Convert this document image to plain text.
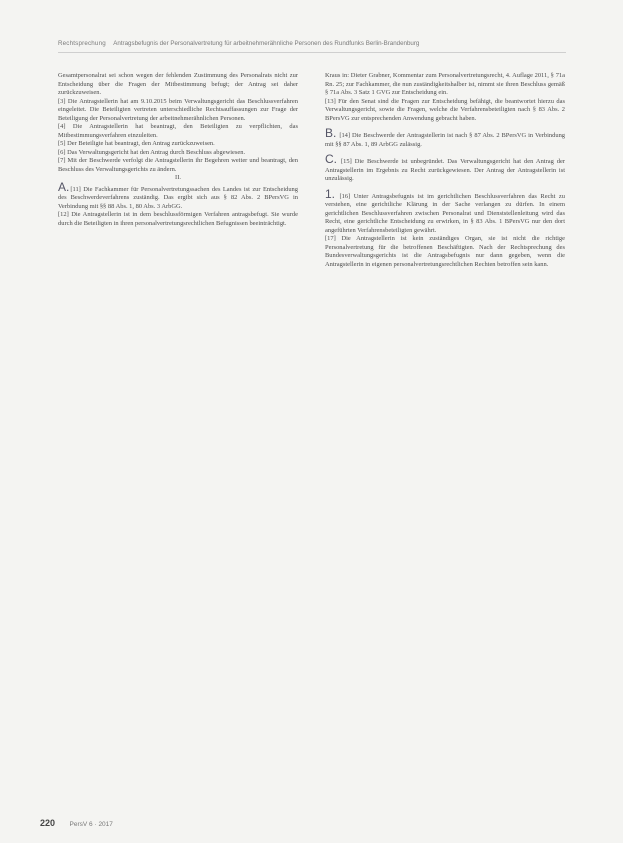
Rechtsprechung Antragsbefugnis der Personalvertretung für arbeitnehmerähnliche Personen des Rundfunks Berlin-Brandenburg

Gesamtpersonalrat sei schon wegen der fehlenden Zustimmung des Personalrats nicht zur Entscheidung über die Fragen der Mitbestimmung befugt; der Antrag sei daher zurückzuweisen.

[3] Die Antragstellerin hat am 9.10.2015 beim Verwaltungsgericht das Beschlussverfahren eingeleitet. Die Beteiligten vertreten unterschiedliche Rechtsauffassungen zur Frage der Beteiligung der Personalvertretung der arbeitnehmerähnlichen Personen.

[4] Die Antragstellerin hat beantragt, den Beteiligten zu verpflichten, das Mitbestimmungsverfahren einzuleiten.

[5] Der Beteiligte hat beantragt, den Antrag zurückzuweisen.

[6] Das Verwaltungsgericht hat den Antrag durch Beschluss abgewiesen.

[7] Mit der Beschwerde verfolgt die Antragstellerin ihr Begehren weiter und beantragt, den Beschluss des Verwaltungsgerichts zu ändern.

II.

A.[11] Die Fachkammer für Personalvertretungssachen des Landes ist zur Entscheidung des Beschwerdeverfahrens zuständig. Das ergibt sich aus § 82 Abs. 2 BPersVG in Verbindung mit §§ 88 Abs. 1, 80 Abs. 3 ArbGG.

[12] Die Antragstellerin ist in dem beschlussförmigen Verfahren antragsbefugt. Sie wurde durch die Beteiligten in ihren personalvertretungsrechtlichen Befugnissen beeinträchtigt.

Kraus in: Dieter Grabner, Kommentar zum Personalvertretungsrecht, 4. Auflage 2011, § 71a Rn. 25; zur Fachkammer, die nun zuständigkeitshalber ist, nimmt sie ihren Beschluss gemäß § 71a Abs. 3 Satz 1 GVG zur Entscheidung ein.

[13] Für den Senat sind die Fragen zur Entscheidung befähigt, die beantwortet hierzu das Verwaltungsgericht, sowie die Fragen, welche die Verfahrensbeteiligten nach § 83 Abs. 2 BPersVG zur entsprechenden Anwendung gebracht haben.

B. [14] Die Beschwerde der Antragstellerin ist nach § 87 Abs. 2 BPersVG in Verbindung mit §§ 87 Abs. 1, 89 ArbGG zulässig.

C. [15] Die Beschwerde ist unbegründet. Das Verwaltungsgericht hat den Antrag der Antragstellerin im Ergebnis zu Recht zurückgewiesen. Der Antrag der Antragstellerin ist unzulässig.

1. [16] Unter Antragsbefugnis ist im gerichtlichen Beschlussverfahren das Recht zu verstehen, eine gerichtliche Klärung in der Sache verlangen zu dürfen. In einem gerichtlichen Beschlussverfahren zwischen Personalrat und Dienststellenleitung wird das Recht, eine gerichtliche Entscheidung zu erwirken, in § 83 Abs. 1 BPersVG nur den dort angeführten Verfahrensbeteiligten gewährt.

[17] Die Antragstellerin ist kein zuständiges Organ, sie ist nicht die richtige Personalvertretung für die betroffenen Beschäftigten. Nach der Rechtsprechung des Bundesverwaltungsgerichts ist die Antragsbefugnis nur dann gegeben, wenn die Antragstellerin in eigenen personalvertretungsrechtlichen Rechten betroffen sein kann.

220 PersV 6 · 2017
